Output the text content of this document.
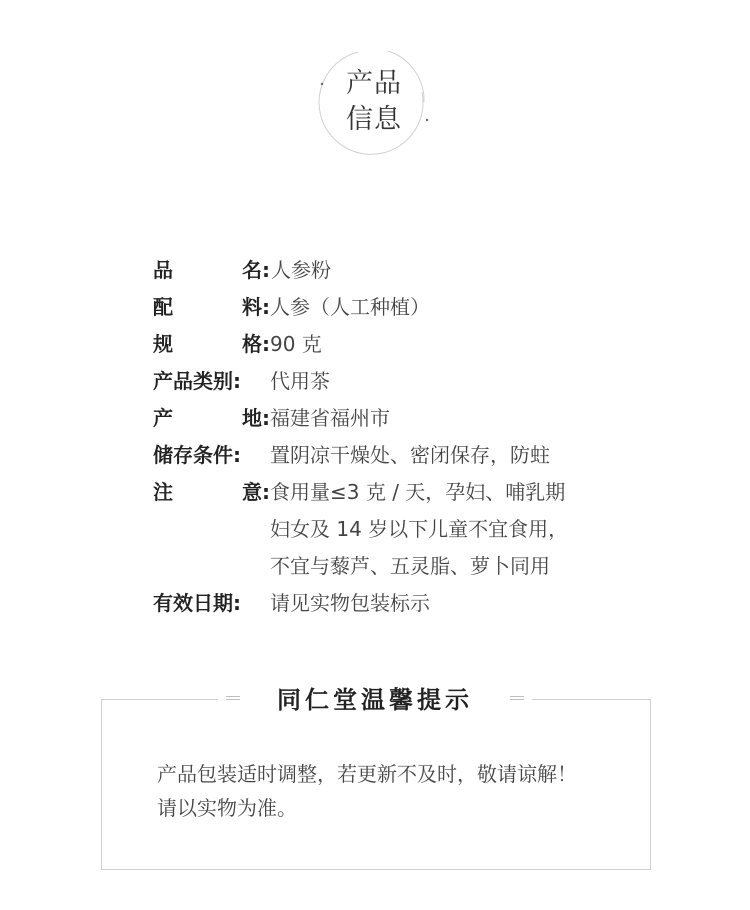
产品
信息
品	名: 人参粉
配	料: 人参（人工种植）
规	格: 90 克
产品类别: 代用茶
产	地: 福建省福州市
储存条件: 置阴凉干燥处、密闭保存，防蛀
注	意: 食用量≤3 克 / 天，孕妇、哺乳期
妇女及 14 岁以下儿童不宜食用，
不宜与藜芦、五灵脂、萝卜同用
有效日期: 请见实物包装标示
同仁堂温馨提示
产品包装适时调整，若更新不及时，敬请谅解！
请以实物为准。
